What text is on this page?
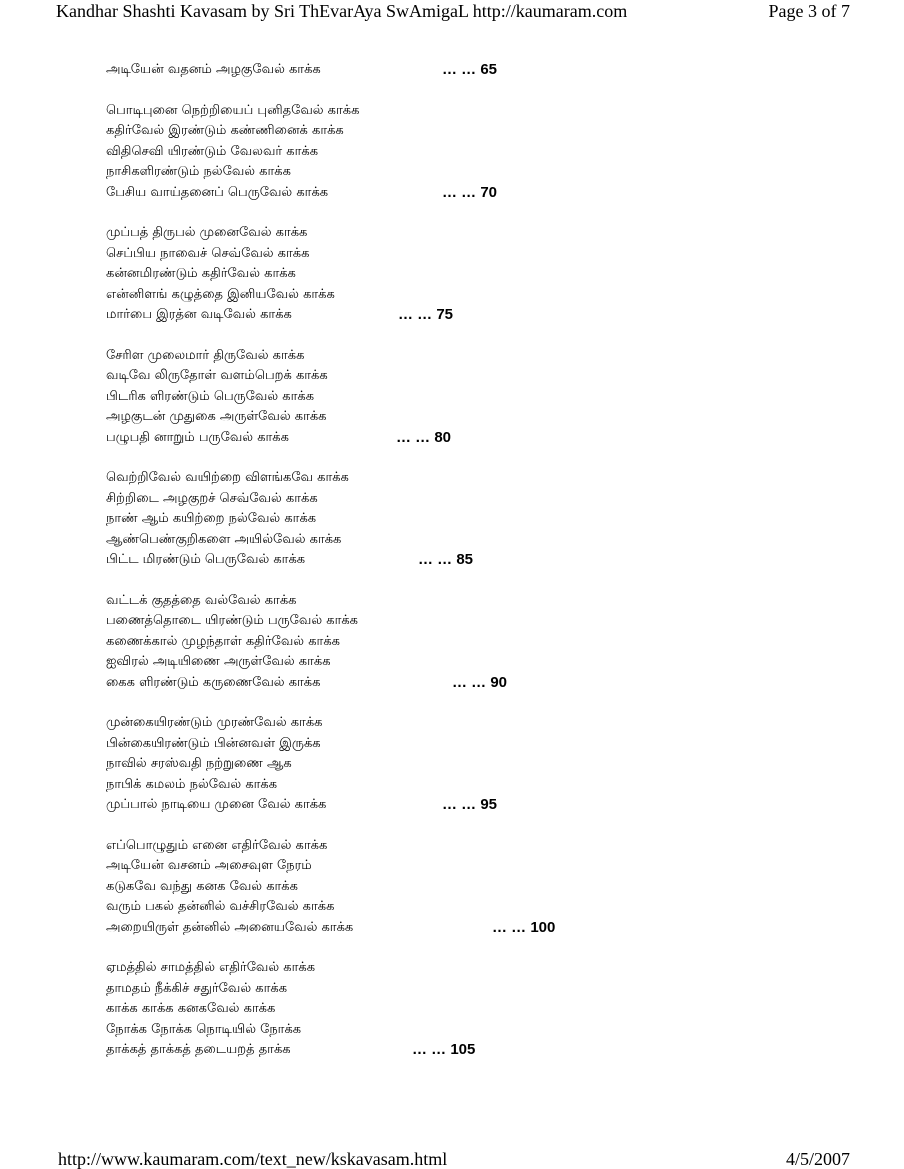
Kandhar Shashti Kavasam by Sri ThEvarAya SwAmigaL http://kaumaram.com	Page 3 of 7
அடியேன் வதனம் அழகுவேல் காக்க	… … 65
பொடிபுனை நெற்றியைப் புனிதவேல் காக்க
கதிர்வேல் இரண்டும் கண்ணினைக் காக்க
விதிசெவி யிரண்டும் வேலவர் காக்க
நாசிகளிரண்டும் நல்வேல் காக்க
பேசிய வாய்தனைப் பெருவேல் காக்க	… … 70
முப்பத் திருபல் முனைவேல் காக்க
செப்பிய நாவைச் செவ்வேல் காக்க
கன்னமிரண்டும் கதிர்வேல் காக்க
என்னிளங் கழுத்தை இனியவேல் காக்க
மார்பை இரத்ன வடிவேல் காக்க	… … 75
சேரிள முலைமார் திருவேல் காக்க
வடிவே லிருதோள் வளம்பெறக் காக்க
பிடரிக ளிரண்டும் பெருவேல் காக்க
அழகுடன் முதுகை அருள்வேல் காக்க
பழுபதி னாறும் பருவேல் காக்க	… … 80
வெற்றிவேல் வயிற்றை விளங்கவே காக்க
சிற்றிடை அழகுறச் செவ்வேல் காக்க
நாண் ஆம் கயிற்றை நல்வேல் காக்க
ஆண்பெண்குறிகளை அயில்வேல் காக்க
பிட்ட மிரண்டும் பெருவேல் காக்க	… … 85
வட்டக் குதத்தை வல்வேல் காக்க
பணைத்தொடை யிரண்டும் பருவேல் காக்க
கணைக்கால் முழந்தாள் கதிர்வேல் காக்க
ஐவிரல் அடியிணை அருள்வேல் காக்க
கைக ளிரண்டும் கருணைவேல் காக்க	… … 90
முன்கையிரண்டும் முரண்வேல் காக்க
பின்கையிரண்டும் பின்னவள் இருக்க
நாவில் சரஸ்வதி நற்றுணை ஆக
நாபிக் கமலம் நல்வேல் காக்க
முப்பால் நாடியை முனை வேல் காக்க	… … 95
எப்பொழுதும் எனை எதிர்வேல் காக்க
அடியேன் வசனம் அசைவுள நேரம்
கடுகவே வந்து கனக வேல் காக்க
வரும் பகல் தன்னில் வச்சிரவேல் காக்க
அறையிருள் தன்னில் அனையவேல் காக்க	… … 100
ஏமத்தில் சாமத்தில் எதிர்வேல் காக்க
தாமதம் நீக்கிச் சதுர்வேல் காக்க
காக்க காக்க கனகவேல் காக்க
நோக்க நோக்க நொடியில் நோக்க
தாக்கத் தாக்கத் தடையறத் தாக்க	… … 105
http://www.kaumaram.com/text_new/kskavasam.html	4/5/2007
